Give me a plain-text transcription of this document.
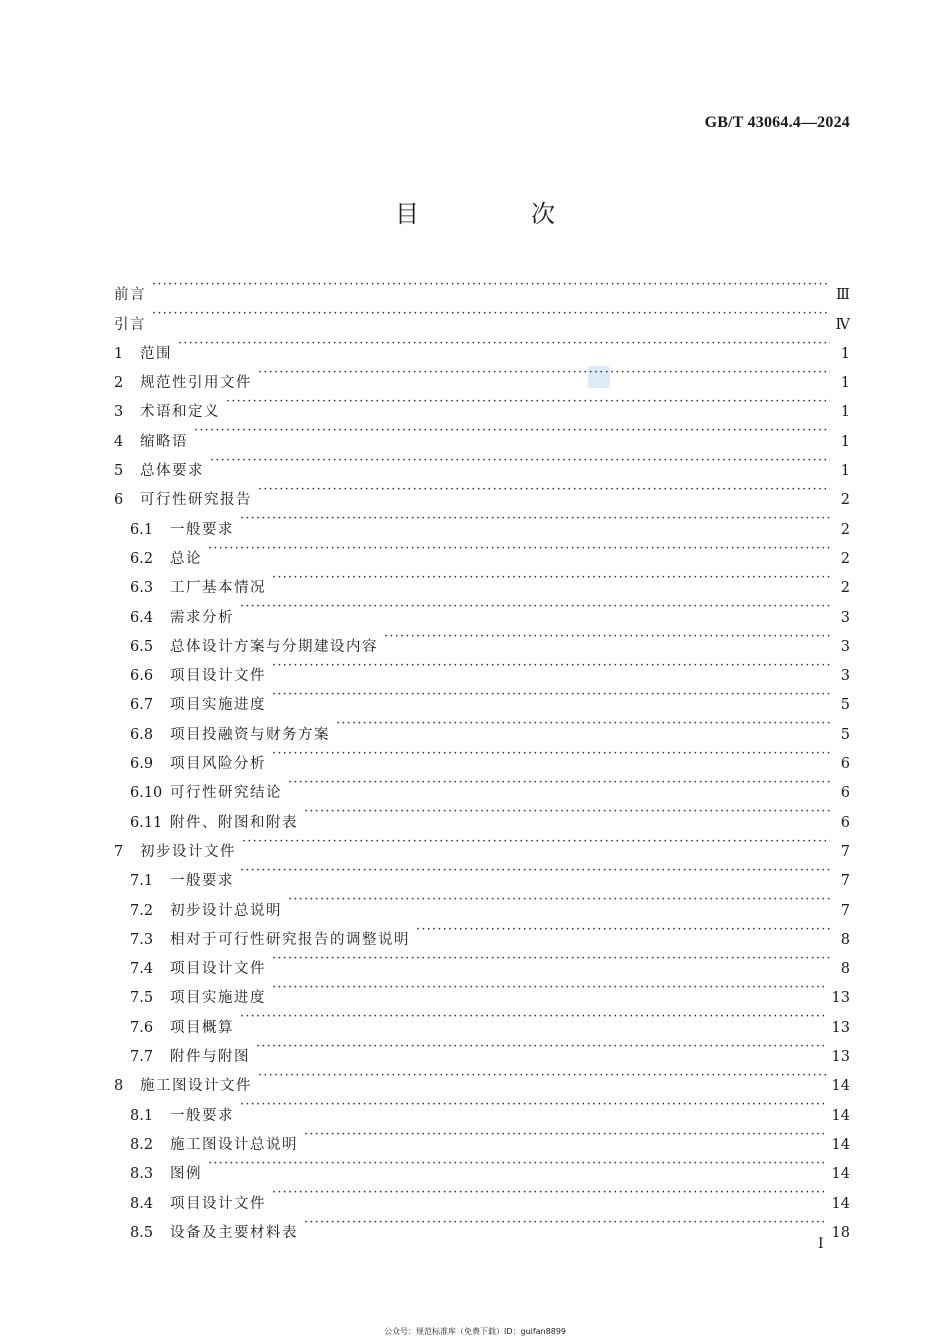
GB/T 43064.4—2024
目　次
前言 ·····	Ⅲ
引言 ·····	Ⅳ
1	范围 ·····	1
2	规范性引用文件 ·····	1
3	术语和定义 ·····	1
4	缩略语 ·····	1
5	总体要求 ·····	1
6	可行性研究报告 ·····	2
6.1	一般要求 ·····	2
6.2	总论 ·····	2
6.3	工厂基本情况 ·····	2
6.4	需求分析 ·····	3
6.5	总体设计方案与分期建设内容 ·····	3
6.6	项目设计文件 ·····	3
6.7	项目实施进度 ·····	5
6.8	项目投融资与财务方案 ·····	5
6.9	项目风险分析 ·····	6
6.10 可行性研究结论 ·····	6
6.11 附件、附图和附表 ·····	6
7	初步设计文件 ·····	7
7.1	一般要求 ·····	7
7.2	初步设计总说明 ·····	7
7.3	相对于可行性研究报告的调整说明 ·····	8
7.4	项目设计文件 ·····	8
7.5	项目实施进度 ·····	13
7.6	项目概算 ·····	13
7.7	附件与附图 ·····	13
8	施工图设计文件 ·····	14
8.1	一般要求 ·····	14
8.2	施工图设计总说明 ·····	14
8.3	图例 ·····	14
8.4	项目设计文件 ·····	14
8.5	设备及主要材料表 ·····	18
I
公众号：规范标准库（免费下载）ID：guifan8899
